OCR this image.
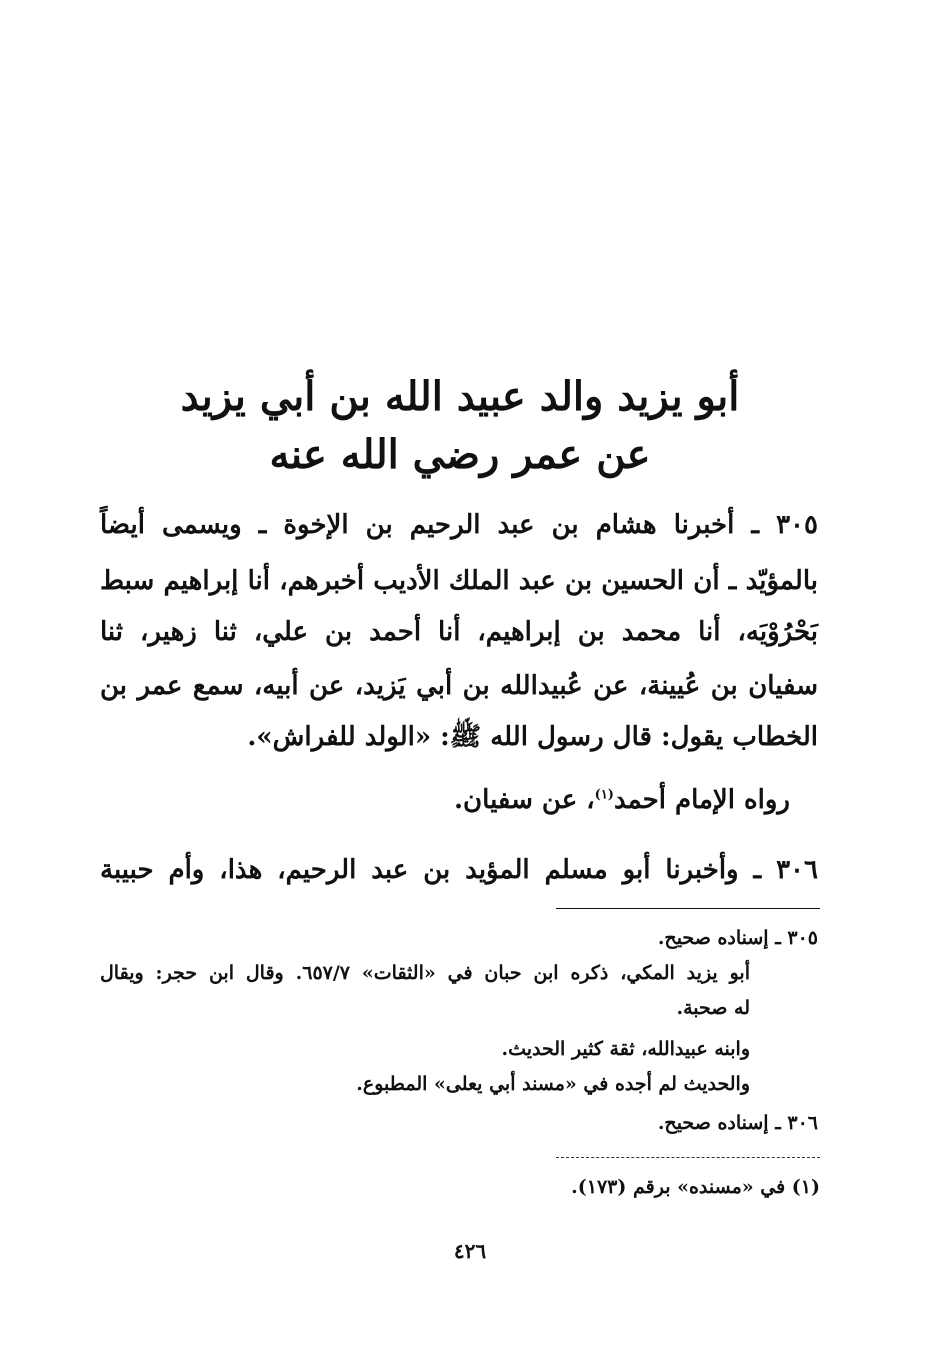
أبو يزيد والد عبيد الله بن أبي يزيد
عن عمر رضي الله عنه
٣٠٥ ـ أخبرنا هشام بن عبد الرحيم بن الإخوة ـ ويسمى أيضاً
بالمؤيّد ـ أن الحسين بن عبد الملك الأديب أخبرهم، أنا إبراهيم سبط
بَحْرُوْيَه، أنا محمد بن إبراهيم، أنا أحمد بن علي، ثنا زهير، ثنا
سفيان بن عُيينة، عن عُبيدالله بن أبي يَزيد، عن أبيه، سمع عمر بن
الخطاب يقول: قال رسول الله ﷺ: «الولد للفراش».
رواه الإمام أحمد$^{(١)}$، عن سفيان.
٣٠٦ ـ وأخبرنا أبو مسلم المؤيد بن عبد الرحيم، هذا، وأم حبيبة
٣٠٥ ـ إسناده صحيح.
أبو يزيد المكي، ذكره ابن حبان في «الثقات» ٦٥٧/٧. وقال ابن حجر: ويقال
له صحبة.
وابنه عبيدالله، ثقة كثير الحديث.
والحديث لم أجده في «مسند أبي يعلى» المطبوع.
٣٠٦ ـ إسناده صحيح.
(١) في «مسنده» برقم (١٧٣).
٤٢٦
